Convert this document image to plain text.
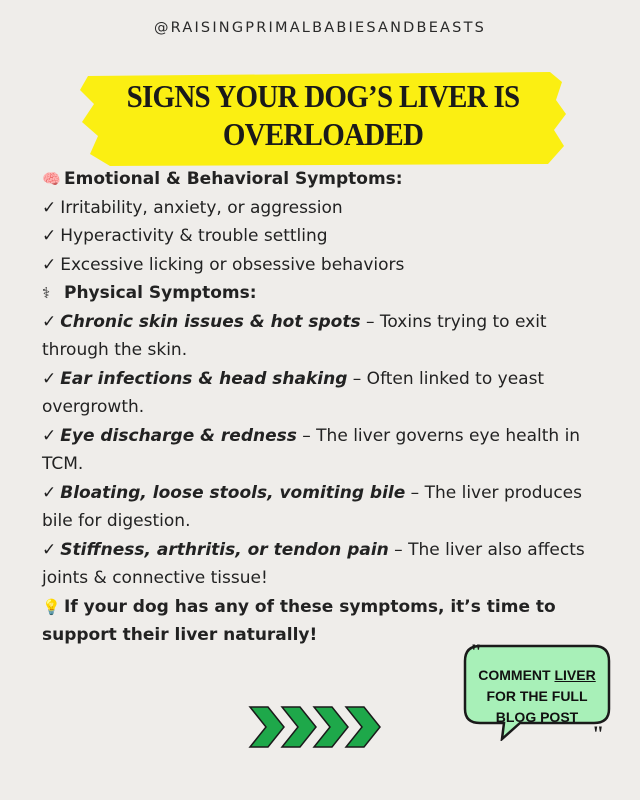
@RAISINGPRIMALBABIESANDBEASTS
SIGNS YOUR DOG’S LIVER IS
OVERLOADED

🧠 Emotional & Behavioral Symptoms:

✓ Irritability, anxiety, or aggression

✓ Hyperactivity & trouble settling

✓ Excessive licking or obsessive behaviors

⚕ Physical Symptoms:

✓ Chronic skin issues & hot spots – Toxins trying to exit through the skin.

✓ Ear infections & head shaking – Often linked to yeast overgrowth.

✓ Eye discharge & redness – The liver governs eye health in TCM.

✓ Bloating, loose stools, vomiting bile – The liver produces bile for digestion.

✓ Stiffness, arthritis, or tendon pain – The liver also affects joints & connective tissue!

💡 If your dog has any of these symptoms, it’s time to support their liver naturally!

"
"
COMMENT LIVER
FOR THE FULL
BLOG POST
